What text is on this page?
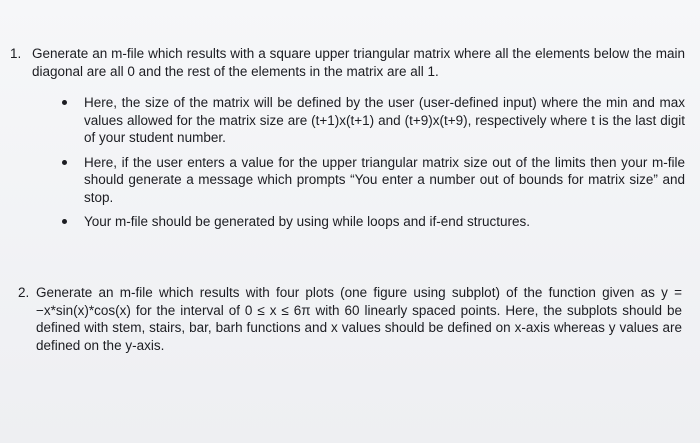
1. Generate an m-file which results with a square upper triangular matrix where all the elements below the main diagonal are all 0 and the rest of the elements in the matrix are all 1.
Here, the size of the matrix will be defined by the user (user-defined input) where the min and max values allowed for the matrix size are (t+1)x(t+1) and (t+9)x(t+9), respectively where t is the last digit of your student number.
Here, if the user enters a value for the upper triangular matrix size out of the limits then your m-file should generate a message which prompts “You enter a number out of bounds for matrix size” and stop.
Your m-file should be generated by using while loops and if-end structures.
2. Generate an m-file which results with four plots (one figure using subplot) of the function given as y = −x*sin(x)*cos(x) for the interval of 0 ≤ x ≤ 6π with 60 linearly spaced points. Here, the subplots should be defined with stem, stairs, bar, barh functions and x values should be defined on x-axis whereas y values are defined on the y-axis.
